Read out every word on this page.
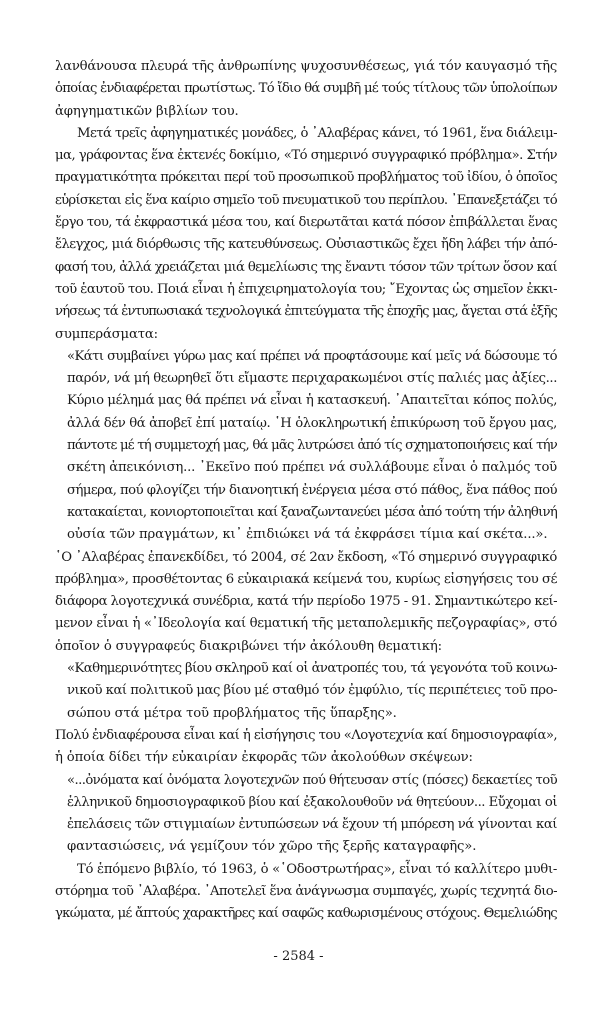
λανθάνουσα πλευρά τῆς ἀνθρωπίνης ψυχοσυνθέσεως, γιά τόν καυγασμό τῆς
ὁποίας ἐνδιαφέρεται πρωτίστως. Τό ἴδιο θά συμβῆ μέ τούς τίτλους τῶν ὑπολοίπων
ἀφηγηματικῶν βιβλίων του.
Μετά τρεῖς ἀφηγηματικές μονάδες, ὁ ᾿Αλαβέρας κάνει, τό 1961, ἕνα διάλειμ-
μα, γράφοντας ἕνα ἐκτενές δοκίμιο, «Τό σημερινό συγγραφικό πρόβλημα». Στήν
πραγματικότητα πρόκειται περί τοῦ προσωπικοῦ προβλήματος τοῦ ἰδίου, ὁ ὁποῖος
εὑρίσκεται εἰς ἕνα καίριο σημεῖο τοῦ πνευματικοῦ του περίπλου. ᾿Επανεξετάζει τό
ἔργο του, τά ἐκφραστικά μέσα του, καί διερωτᾶται κατά πόσον ἐπιβάλλεται ἕνας
ἔλεγχος, μιά διόρθωσις τῆς κατευθύνσεως. Οὐσιαστικῶς ἔχει ἤδη λάβει τήν ἀπό-
φασή του, ἀλλά χρειάζεται μιά θεμελίωσις της ἔναντι τόσον τῶν τρίτων ὅσον καί
τοῦ ἑαυτοῦ του. Ποιά εἶναι ἡ ἐπιχειρηματολογία του; ῎Εχοντας ὡς σημεῖον ἐκκι-
νήσεως τά ἐντυπωσιακά τεχνολογικά ἐπιτεύγματα τῆς ἐποχῆς μας, ἄγεται στά ἑξῆς
συμπεράσματα:
«Κάτι συμβαίνει γύρω μας καί πρέπει νά προφτάσουμε καί μεῖς νά δώσουμε τό
παρόν, νά μή θεωρηθεῖ ὅτι εἴμαστε περιχαρακωμένοι στίς παλιές μας ἀξίες...
Κύριο μέλημά μας θά πρέπει νά εἶναι ἡ κατασκευή. ᾿Απαιτεῖται κόπος πολύς,
ἀλλά δέν θά ἀποβεῖ ἐπί ματαίῳ. ῾Η ὁλοκληρωτική ἐπικύρωση τοῦ ἔργου μας,
πάντοτε μέ τή συμμετοχή μας, θά μᾶς λυτρώσει ἀπό τίς σχηματοποιήσεις καί τήν
σκέτη ἀπεικόνιση... ᾿Εκεῖνο πού πρέπει νά συλλάβουμε εἶναι ὁ παλμός τοῦ
σήμερα, πού φλογίζει τήν διανοητική ἐνέργεια μέσα στό πάθος, ἕνα πάθος πού
κατακαίεται, κονιορτοποιεῖται καί ξαναζωντανεύει μέσα ἀπό τούτη τήν ἀληθινή
οὐσία τῶν πραγμάτων, κι᾿ ἐπιδιώκει νά τά ἐκφράσει τίμια καί σκέτα...».
῾Ο ᾿Αλαβέρας ἐπανεκδίδει, τό 2004, σέ 2αν ἔκδοση, «Τό σημερινό συγγραφικό
πρόβλημα», προσθέτοντας 6 εὐκαιριακά κείμενά του, κυρίως εἰσηγήσεις του σέ
διάφορα λογοτεχνικά συνέδρια, κατά τήν περίοδο 1975 - 91. Σημαντικώτερο κεί-
μενον εἶναι ἡ «᾿Ιδεολογία καί θεματική τῆς μεταπολεμικῆς πεζογραφίας», στό
ὁποῖον ὁ συγγραφεύς διακριβώνει τήν ἀκόλουθη θεματική:
«Καθημερινότητες βίου σκληροῦ καί οἱ ἀνατροπές του, τά γεγονότα τοῦ κοινω-
νικοῦ καί πολιτικοῦ μας βίου μέ σταθμό τόν ἐμφύλιο, τίς περιπέτειες τοῦ προ-
σώπου στά μέτρα τοῦ προβλήματος τῆς ὕπαρξης».
Πολύ ἐνδιαφέρουσα εἶναι καί ἡ εἰσήγησις του «Λογοτεχνία καί δημοσιογραφία»,
ἡ ὁποία δίδει τήν εὐκαιρίαν ἐκφορᾶς τῶν ἀκολούθων σκέψεων:
«...ὀνόματα καί ὀνόματα λογοτεχνῶν πού θήτευσαν στίς (πόσες) δεκαετίες τοῦ
ἑλληνικοῦ δημοσιογραφικοῦ βίου καί ἐξακολουθοῦν νά θητεύουν... Εὔχομαι οἱ
ἐπελάσεις τῶν στιγμιαίων ἐντυπώσεων νά ἔχουν τή μπόρεση νά γίνονται καί
φαντασιώσεις, νά γεμίζουν τόν χῶρο τῆς ξερῆς καταγραφῆς».
Τό ἑπόμενο βιβλίο, τό 1963, ὁ «῾Οδοστρωτήρας», εἶναι τό καλλίτερο μυθι-
στόρημα τοῦ ᾿Αλαβέρα. ᾿Αποτελεῖ ἕνα ἀνάγνωσμα συμπαγές, χωρίς τεχνητά διο-
γκώματα, μέ ἄπτούς χαρακτῆρες καί σαφῶς καθωρισμένους στόχους. Θεμελιώδης
- 2584 -
